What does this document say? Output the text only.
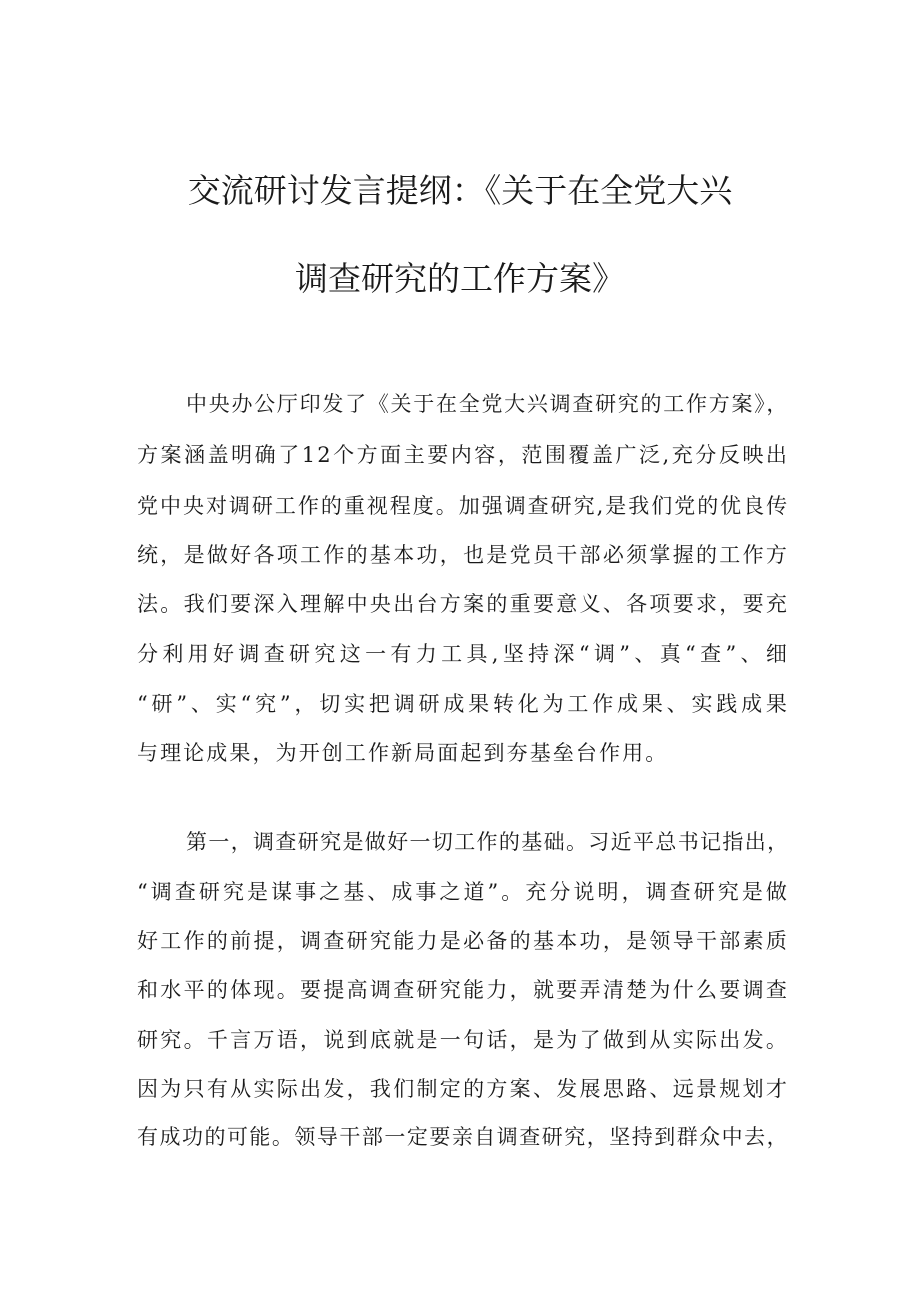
交流研讨发言提纲：《关于在全党大兴
调查研究的工作方案》
中央办公厅印发了《关于在全党大兴调查研究的工作方案》，
方案涵盖明确了12个方面主要内容，范围覆盖广泛,充分反映出
党中央对调研工作的重视程度。加强调查研究,是我们党的优良传
统，是做好各项工作的基本功，也是党员干部必须掌握的工作方
法。我们要深入理解中央出台方案的重要意义、各项要求，要充
分利用好调查研究这一有力工具,坚持深“调”、真“查”、细
“研”、实“究”，切实把调研成果转化为工作成果、实践成果
与理论成果，为开创工作新局面起到夯基垒台作用。
第一，调查研究是做好一切工作的基础。习近平总书记指出，
“调查研究是谋事之基、成事之道”。充分说明，调查研究是做
好工作的前提，调查研究能力是必备的基本功，是领导干部素质
和水平的体现。要提高调查研究能力，就要弄清楚为什么要调查
研究。千言万语，说到底就是一句话，是为了做到从实际出发。
因为只有从实际出发，我们制定的方案、发展思路、远景规划才
有成功的可能。领导干部一定要亲自调查研究，坚持到群众中去，
